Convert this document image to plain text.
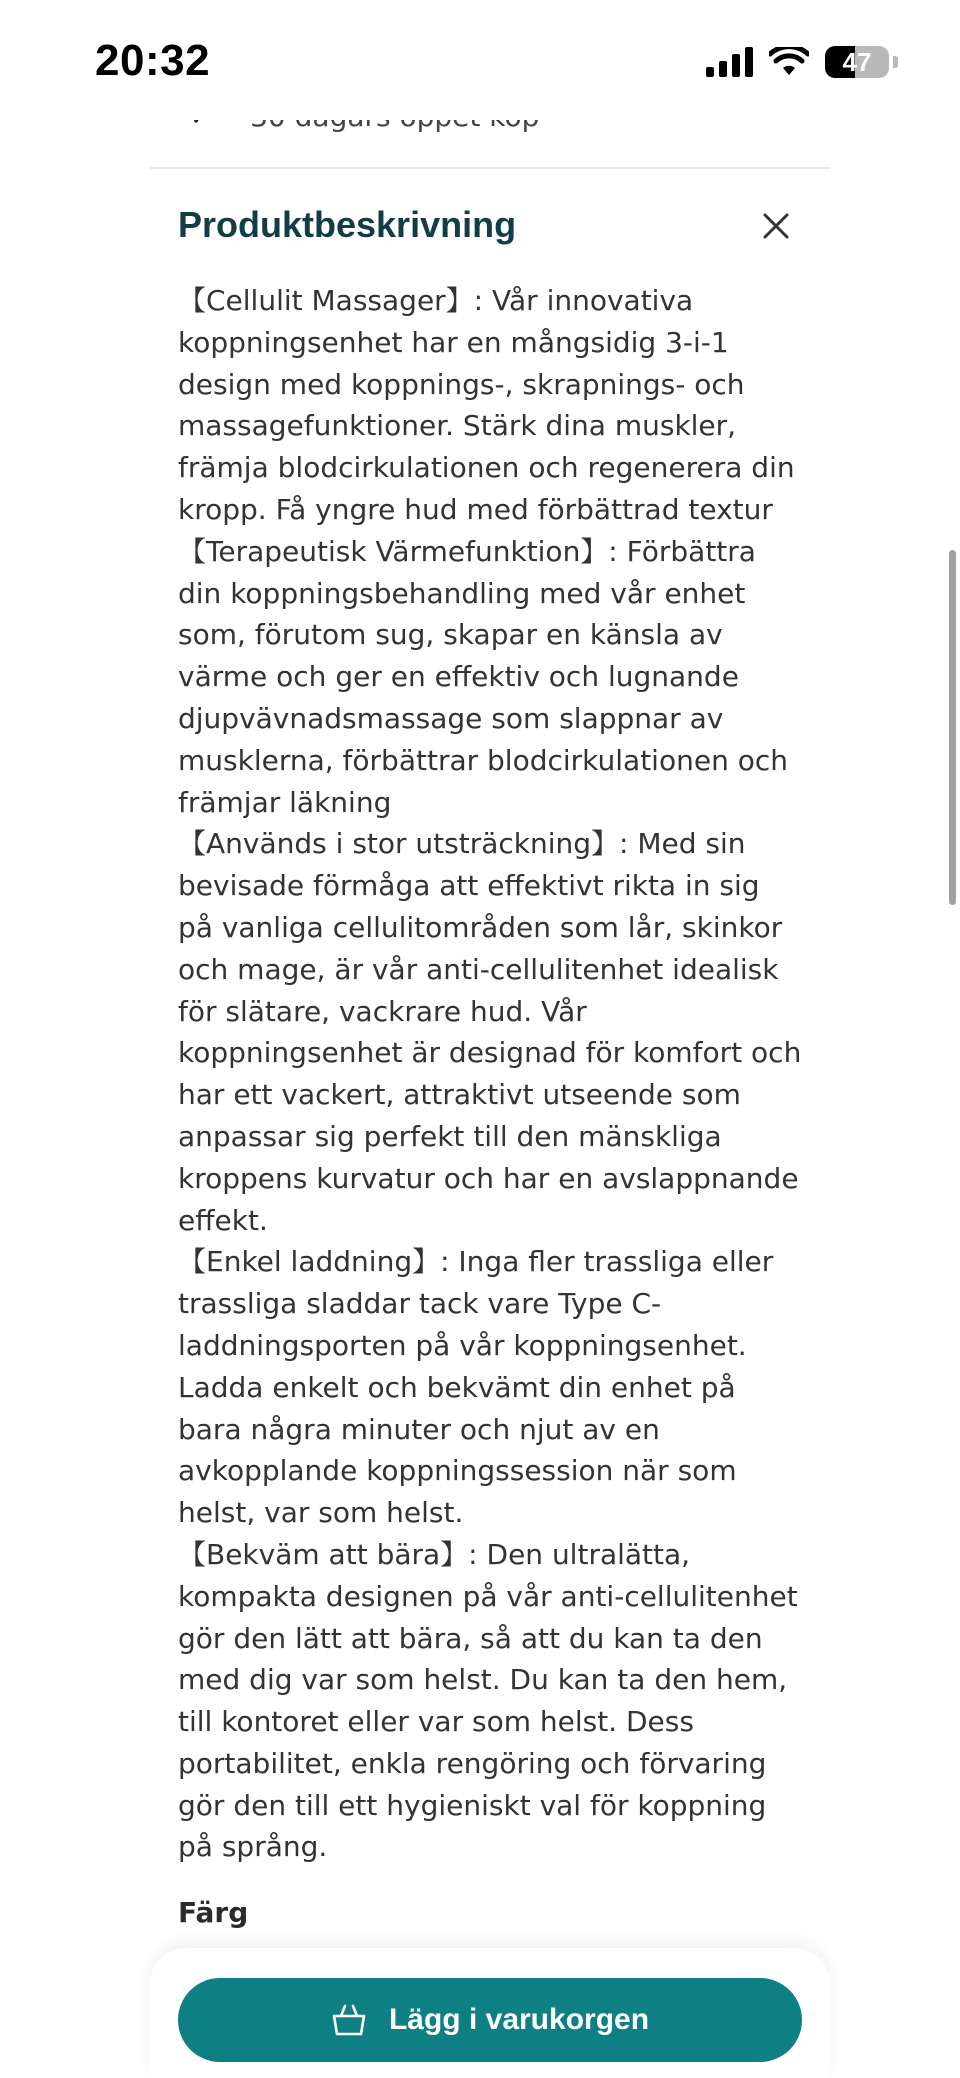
20:32	47
Produktbeskrivning
【Cellulit Massager】: Vår innovativa koppningsenhet har en mångsidig 3-i-1 design med koppnings-, skrapnings- och massagefunktioner. Stärk dina muskler, främja blodcirkulationen och regenerera din kropp. Få yngre hud med förbättrad textur
【Terapeutisk Värmefunktion】: Förbättra din koppningsbehandling med vår enhet som, förutom sug, skapar en känsla av värme och ger en effektiv och lugnande djupvävnadsmassage som slappnar av musklerna, förbättrar blodcirkulationen och främjar läkning
【Används i stor utsträckning】: Med sin bevisade förmåga att effektivt rikta in sig på vanliga cellulitområden som lår, skinkor och mage, är vår anti-cellulitenhet idealisk för slätare, vackrare hud. Vår koppningsenhet är designad för komfort och har ett vackert, attraktivt utseende som anpassar sig perfekt till den mänskliga kroppens kurvatur och har en avslappnande effekt.
【Enkel laddning】: Inga fler trassliga eller trassliga sladdar tack vare Type C-laddningsporten på vår koppningsenhet. Ladda enkelt och bekvämt din enhet på bara några minuter och njut av en avkopplande koppningssession när som helst, var som helst.
【Bekväm att bära】: Den ultralätta, kompakta designen på vår anti-cellulitenhet gör den lätt att bära, så att du kan ta den med dig var som helst. Du kan ta den hem, till kontoret eller var som helst. Dess portabilitet, enkla rengöring och förvaring gör den till ett hygieniskt val för koppning på språng.
Färg
Lägg i varukorgen
